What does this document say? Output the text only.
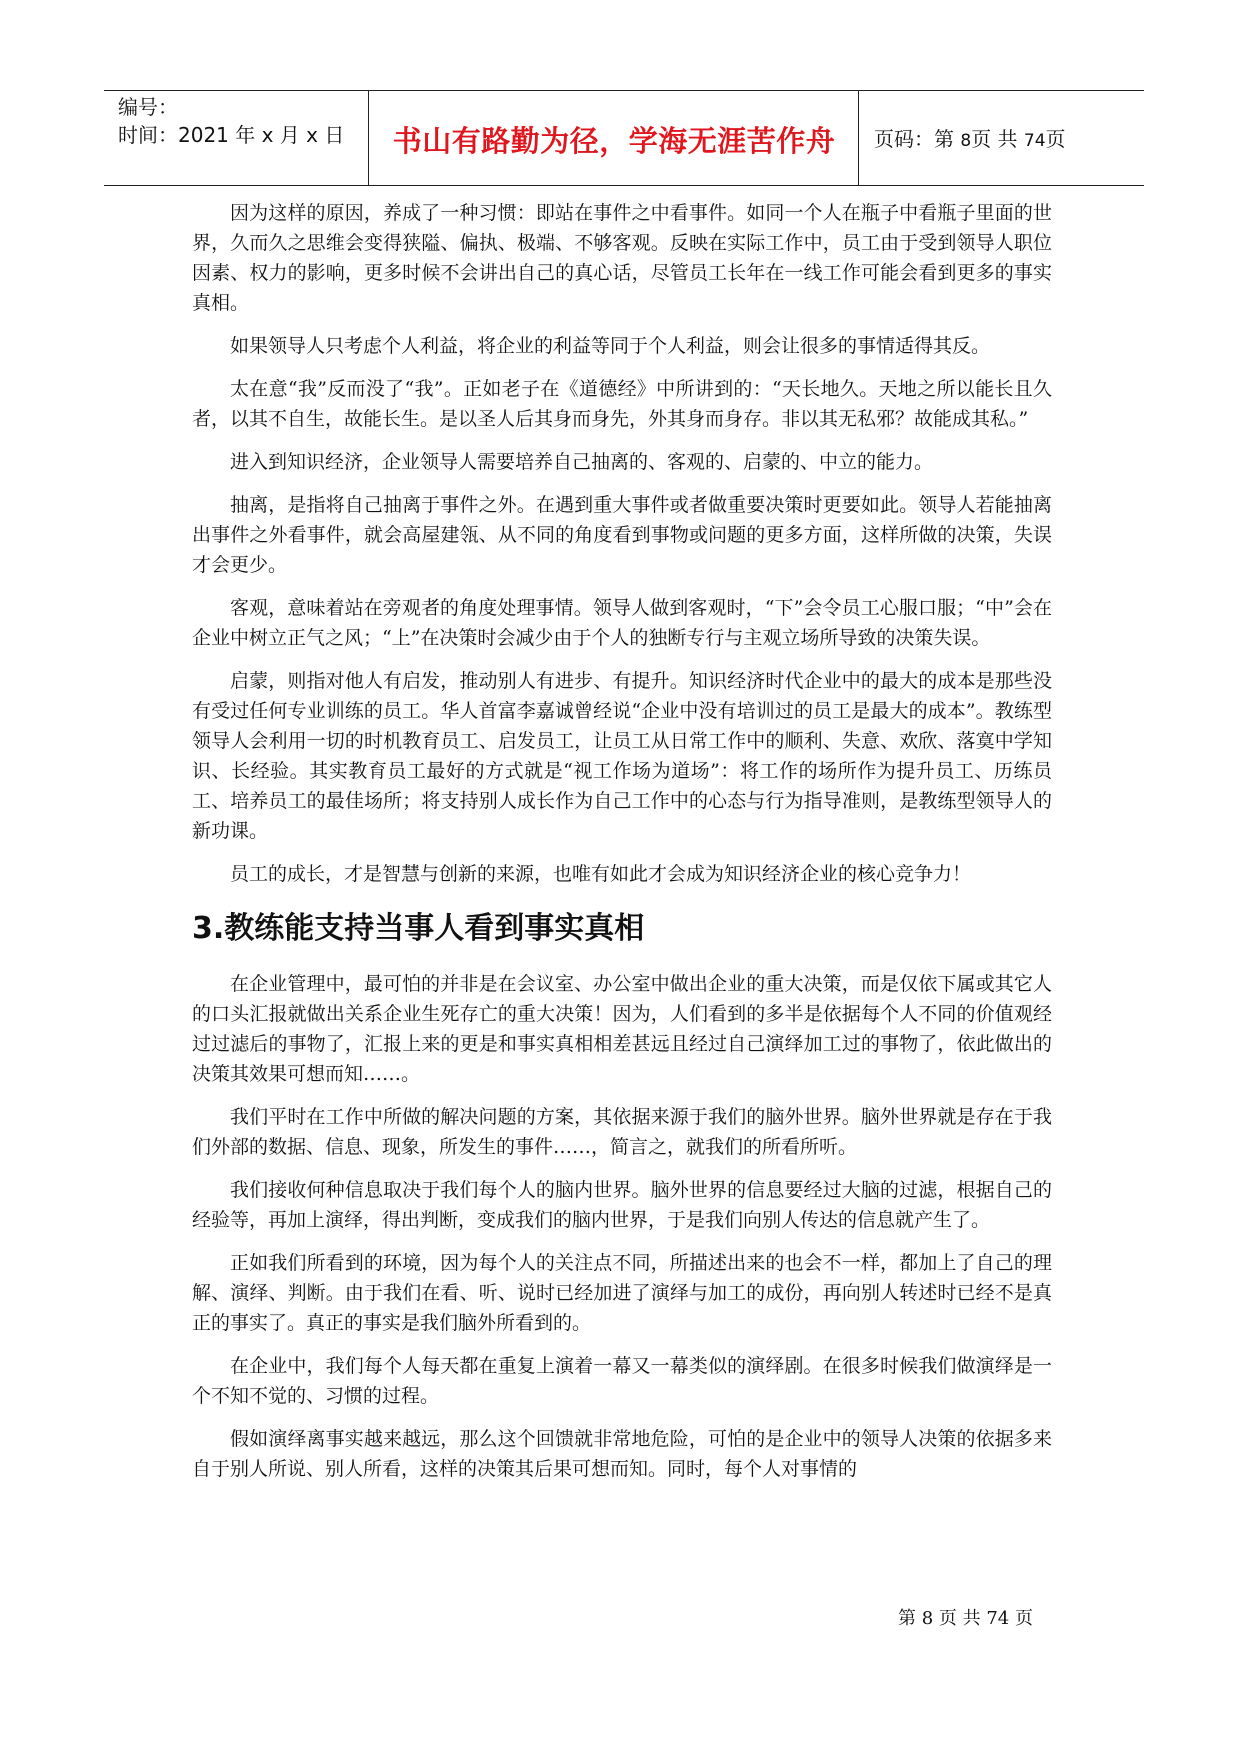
编号：
时间：2021 年 x 月 x 日	书山有路勤为径，学海无涯苦作舟	页码：第 8页 共 74页

因为这样的原因，养成了一种习惯：即站在事件之中看事件。如同一个人在瓶子中看瓶子里面的世界，久而久之思维会变得狭隘、偏执、极端、不够客观。反映在实际工作中，员工由于受到领导人职位因素、权力的影响，更多时候不会讲出自己的真心话，尽管员工长年在一线工作可能会看到更多的事实真相。

如果领导人只考虑个人利益，将企业的利益等同于个人利益，则会让很多的事情适得其反。

太在意“我”反而没了“我”。正如老子在《道德经》中所讲到的：“天长地久。天地之所以能长且久者，以其不自生，故能长生。是以圣人后其身而身先，外其身而身存。非以其无私邪？故能成其私。”

进入到知识经济，企业领导人需要培养自己抽离的、客观的、启蒙的、中立的能力。

抽离，是指将自己抽离于事件之外。在遇到重大事件或者做重要决策时更要如此。领导人若能抽离出事件之外看事件，就会高屋建瓴、从不同的角度看到事物或问题的更多方面，这样所做的决策，失误才会更少。

客观，意味着站在旁观者的角度处理事情。领导人做到客观时，“下”会令员工心服口服；“中”会在企业中树立正气之风；“上”在决策时会减少由于个人的独断专行与主观立场所导致的决策失误。

启蒙，则指对他人有启发，推动别人有进步、有提升。知识经济时代企业中的最大的成本是那些没有受过任何专业训练的员工。华人首富李嘉诚曾经说“企业中没有培训过的员工是最大的成本”。教练型领导人会利用一切的时机教育员工、启发员工，让员工从日常工作中的顺利、失意、欢欣、落寞中学知识、长经验。其实教育员工最好的方式就是“视工作场为道场”：将工作的场所作为提升员工、历练员工、培养员工的最佳场所；将支持别人成长作为自己工作中的心态与行为指导准则，是教练型领导人的新功课。

员工的成长，才是智慧与创新的来源，也唯有如此才会成为知识经济企业的核心竞争力！

3.教练能支持当事人看到事实真相

在企业管理中，最可怕的并非是在会议室、办公室中做出企业的重大决策，而是仅依下属或其它人的口头汇报就做出关系企业生死存亡的重大决策！因为，人们看到的多半是依据每个人不同的价值观经过过滤后的事物了，汇报上来的更是和事实真相相差甚远且经过自己演绎加工过的事物了，依此做出的决策其效果可想而知……。

我们平时在工作中所做的解决问题的方案，其依据来源于我们的脑外世界。脑外世界就是存在于我们外部的数据、信息、现象，所发生的事件……，简言之，就我们的所看所听。

我们接收何种信息取决于我们每个人的脑内世界。脑外世界的信息要经过大脑的过滤，根据自己的经验等，再加上演绎，得出判断，变成我们的脑内世界，于是我们向别人传达的信息就产生了。

正如我们所看到的环境，因为每个人的关注点不同，所描述出来的也会不一样，都加上了自己的理解、演绎、判断。由于我们在看、听、说时已经加进了演绎与加工的成份，再向别人转述时已经不是真正的事实了。真正的事实是我们脑外所看到的。

在企业中，我们每个人每天都在重复上演着一幕又一幕类似的演绎剧。在很多时候我们做演绎是一个不知不觉的、习惯的过程。

假如演绎离事实越来越远，那么这个回馈就非常地危险，可怕的是企业中的领导人决策的依据多来自于别人所说、别人所看，这样的决策其后果可想而知。同时，每个人对事情的

第 8 页 共 74 页
